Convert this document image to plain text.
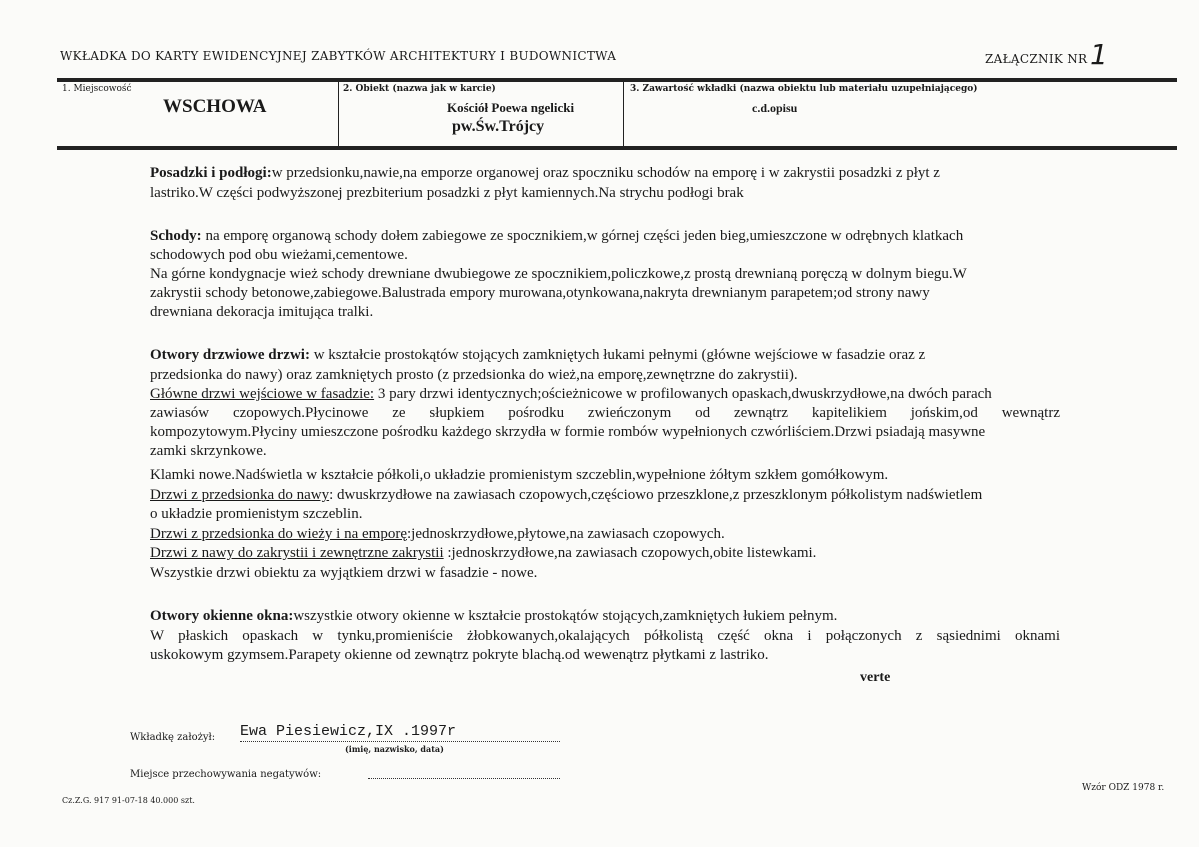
WKŁADKA DO KARTY EWIDENCYJNEJ ZABYTKÓW ARCHITEKTURY I BUDOWNICTWA	ZAŁĄCZNIK NR 1
1. Miejscowość
WSCHOWA
2. Obiekt (nazwa jak w karcie)
Kościół Poewa ngelicki
pw.Św.Trójcy
3. Zawartość wkładki (nazwa obiektu lub materiału uzupełniającego)
c.d.opisu
Posadzki i podłogi:w przedsionku,nawie,na emporze organowej oraz spoczniku schodów na emporę i w zakrystii posadzki z płyt z
lastriko.W części podwyższonej prezbiterium posadzki z płyt kamiennych.Na strychu podłogi brak
Schody: na emporę organową schody dołem zabiegowe ze spocznikiem,w górnej części jeden bieg,umieszczone w odrębnych klatkach
schodowych pod obu wieżami,cementowe.
Na górne kondygnacje wież schody drewniane dwubiegowe ze spocznikiem,policzkowe,z prostą drewnianą poręczą w dolnym biegu.W
zakrystii schody betonowe,zabiegowe.Balustrada empory murowana,otynkowana,nakryta drewnianym parapetem;od strony nawy
drewniana dekoracja imitująca tralki.
Otwory drzwiowe drzwi: w kształcie prostokątów stojących zamkniętych łukami pełnymi (główne wejściowe w fasadzie oraz z
przedsionka do nawy) oraz zamkniętych prosto (z przedsionka do wież,na emporę,zewnętrzne do zakrystii).
Główne drzwi wejściowe w fasadzie: 3 pary drzwi identycznych;ościeżnicowe w profilowanych opaskach,dwuskrzydłowe,na dwóch parach
zawiasów czopowych.Płycinowe ze słupkiem pośrodku zwieńczonym od zewnątrz kapitelikiem jońskim,od wewnątrz
kompozytowym.Płyciny umieszczone pośrodku każdego skrzydła w formie rombów wypełnionych czwórliściem.Drzwi psiadają masywne
zamki skrzynkowe.
Klamki nowe.Nadświetla w kształcie półkoli,o układzie promienistym szczeblin,wypełnione żółtym szkłem gomółkowym.
Drzwi z przedsionka do nawy: dwuskrzydłowe na zawiasach czopowych,częściowo przeszklone,z przeszklonym półkolistym nadświetlem
o układzie promienistym szczeblin.
Drzwi z przedsionka do wieży i na emporę:jednoskrzydłowe,płytowe,na zawiasach czopowych.
Drzwi z nawy do zakrystii i zewnętrzne zakrystii :jednoskrzydłowe,na zawiasach czopowych,obite listewkami.
Wszystkie drzwi obiektu za wyjątkiem drzwi w fasadzie - nowe.
Otwory okienne okna:wszystkie otwory okienne w kształcie prostokątów stojących,zamkniętych łukiem pełnym.
W płaskich opaskach w tynku,promieniście żłobkowanych,okalających półkolistą część okna i połączonych z sąsiednimi oknami
uskokowym gzymsem.Parapety okienne od zewnątrz pokryte blachą.od wewenątrz płytkami z lastriko.
verte
Wkładkę założył: Ewa Piesiewicz,IX .1997r
(imię, nazwisko, data)
Miejsce przechowywania negatywów:
Cz.Z.G. 917 91-07-18 40.000 szt.
Wzór ODZ 1978 r.
